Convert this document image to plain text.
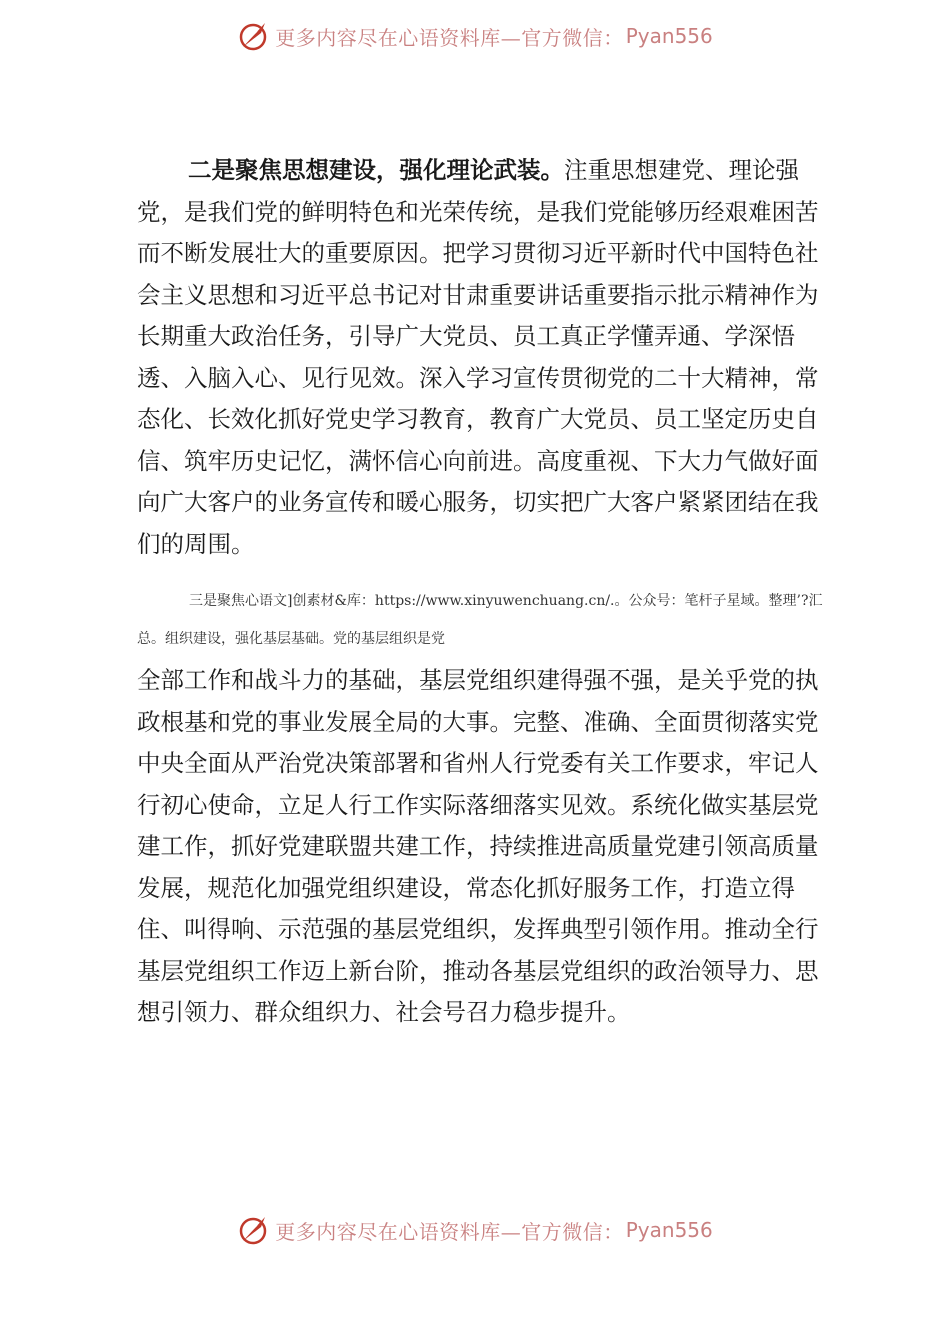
更多内容尽在心语资料库—官方微信： Pyan556

二是聚焦思想建设，强化理论武装。注重思想建党、理论强党，是我们党的鲜明特色和光荣传统，是我们党能够历经艰难困苦而不断发展壮大的重要原因。把学习贯彻习近平新时代中国特色社会主义思想和习近平总书记对甘肃重要讲话重要指示批示精神作为长期重大政治任务，引导广大党员、员工真正学懂弄通、学深悟透、入脑入心、见行见效。深入学习宣传贯彻党的二十大精神，常态化、长效化抓好党史学习教育，教育广大党员、员工坚定历史自信、筑牢历史记忆，满怀信心向前进。高度重视、下大力气做好面向广大客户的业务宣传和暖心服务，切实把广大客户紧紧团结在我们的周围。

三是聚焦心语文]创素材&库：https://www.xinyuwenchuang.cn/.。公众号：笔杆子星域。整理’?汇总。组织建设，强化基层基础。党的基层组织是党

全部工作和战斗力的基础，基层党组织建得强不强，是关乎党的执政根基和党的事业发展全局的大事。完整、准确、全面贯彻落实党中央全面从严治党决策部署和省州人行党委有关工作要求，牢记人行初心使命，立足人行工作实际落细落实见效。系统化做实基层党建工作，抓好党建联盟共建工作，持续推进高质量党建引领高质量发展，规范化加强党组织建设，常态化抓好服务工作，打造立得住、叫得响、示范强的基层党组织，发挥典型引领作用。推动全行基层党组织工作迈上新台阶，推动各基层党组织的政治领导力、思想引领力、群众组织力、社会号召力稳步提升。

更多内容尽在心语资料库—官方微信： Pyan556
